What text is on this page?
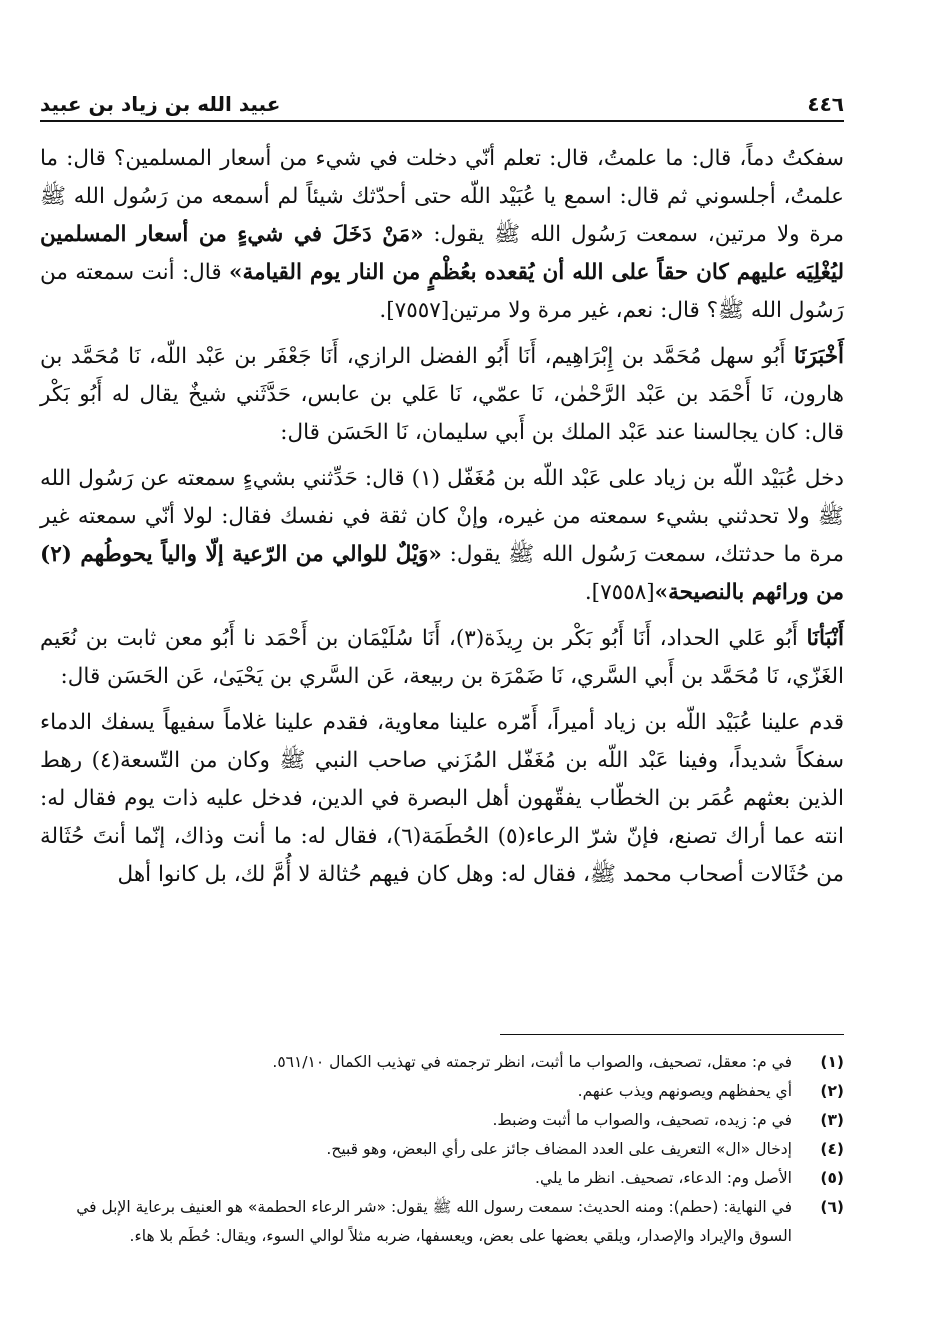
٤٤٦
عبيد الله بن زياد بن عبيد

سفكتُ دماً، قال: ما علمتُ، قال: تعلم أنّي دخلت في شيء من أسعار المسلمين؟ قال: ما علمتُ، أجلسوني ثم قال: اسمع يا عُبَيْد اللّه حتى أحدّثك شيئاً لم أسمعه من رَسُول الله ﷺ مرة ولا مرتين، سمعت رَسُول الله ﷺ يقول: «مَنْ دَخَلَ في شيءٍ من أسعار المسلمين ليُغْلِيَه عليهم كان حقاً على الله أن يُقعده بعُظْمٍ من النار يوم القيامة» قال: أنت سمعته من رَسُول الله ﷺ؟ قال: نعم، غير مرة ولا مرتين[٧٥٥٧].

أَخْبَرَنَا أَبُو سهل مُحَمَّد بن إِبْرَاهِيم، أَنَا أَبُو الفضل الرازي، أَنَا جَعْفَر بن عَبْد اللّه، نَا مُحَمَّد بن هارون، نَا أَحْمَد بن عَبْد الرَّحْمٰن، نَا عمّي، نَا عَلي بن عابس، حَدَّثَني شيخٌ يقال له أَبُو بَكْر قال: كان يجالسنا عند عَبْد الملك بن أَبي سليمان، نَا الحَسَن قال:

دخل عُبَيْد اللّه بن زياد على عَبْد اللّه بن مُغَفّل (١) قال: حَدِّثني بشيءٍ سمعته عن رَسُول الله ﷺ ولا تحدثني بشيء سمعته من غيره، وإنْ كان ثقة في نفسك فقال: لولا أنّي سمعته غير مرة ما حدثتك، سمعت رَسُول الله ﷺ يقول: «وَيْلٌ للوالي من الرّعية إلّا والياً يحوطُهم (٢) من ورائهم بالنصيحة»[٧٥٥٨].

أَنْبَأنَا أَبُو عَلي الحداد، أَنَا أَبُو بَكْر بن رِيذَة(٣)، أَنَا سُلَيْمَان بن أَحْمَد نا أَبُو معن ثابت بن نُعَيم الغَزّي، نَا مُحَمَّد بن أَبي السَّري، نَا ضَمْرَة بن ربيعة، عَن السَّري بن يَحْيَىٰ، عَن الحَسَن قال:

قدم علينا عُبَيْد اللّه بن زياد أميراً، أَمّره علينا معاوية، فقدم علينا غلاماً سفيهاً يسفك الدماء سفكاً شديداً، وفينا عَبْد اللّه بن مُغَفّل المُزَني صاحب النبي ﷺ وكان من التّسعة(٤) رهط الذين بعثهم عُمَر بن الخطّاب يفقّهون أهل البصرة في الدين، فدخل عليه ذات يوم فقال له: انته عما أراك تصنع، فإنّ شرّ الرعاء(٥) الحُطَمَة(٦)، فقال له: ما أنت وذاك، إنّما أنتَ حُثَالة من حُثَالات أصحاب محمد ﷺ، فقال له: وهل كان فيهم حُثالة لا أُمَّ لك، بل كانوا أهل

(١)
في م: معقل، تصحيف، والصواب ما أثبت، انظر ترجمته في تهذيب الكمال ٥٦١/١٠.

(٢)
أي يحفظهم ويصونهم ويذب عنهم.

(٣)
في م: زيده، تصحيف، والصواب ما أثبت وضبط.

(٤)
إدخال «ال» التعريف على العدد المضاف جائز على رأي البعض، وهو قبيح.

(٥)
الأصل وم: الدعاء، تصحيف. انظر ما يلي.

(٦)
في النهاية: (حطم): ومنه الحديث: سمعت رسول الله ﷺ يقول: «شر الرعاء الحطمة» هو العنيف برعاية الإبل في السوق والإيراد والإصدار، ويلقي بعضها على بعض، ويعسفها، ضربه مثلاً لوالي السوء، ويقال: حُطَم بلا هاء.
